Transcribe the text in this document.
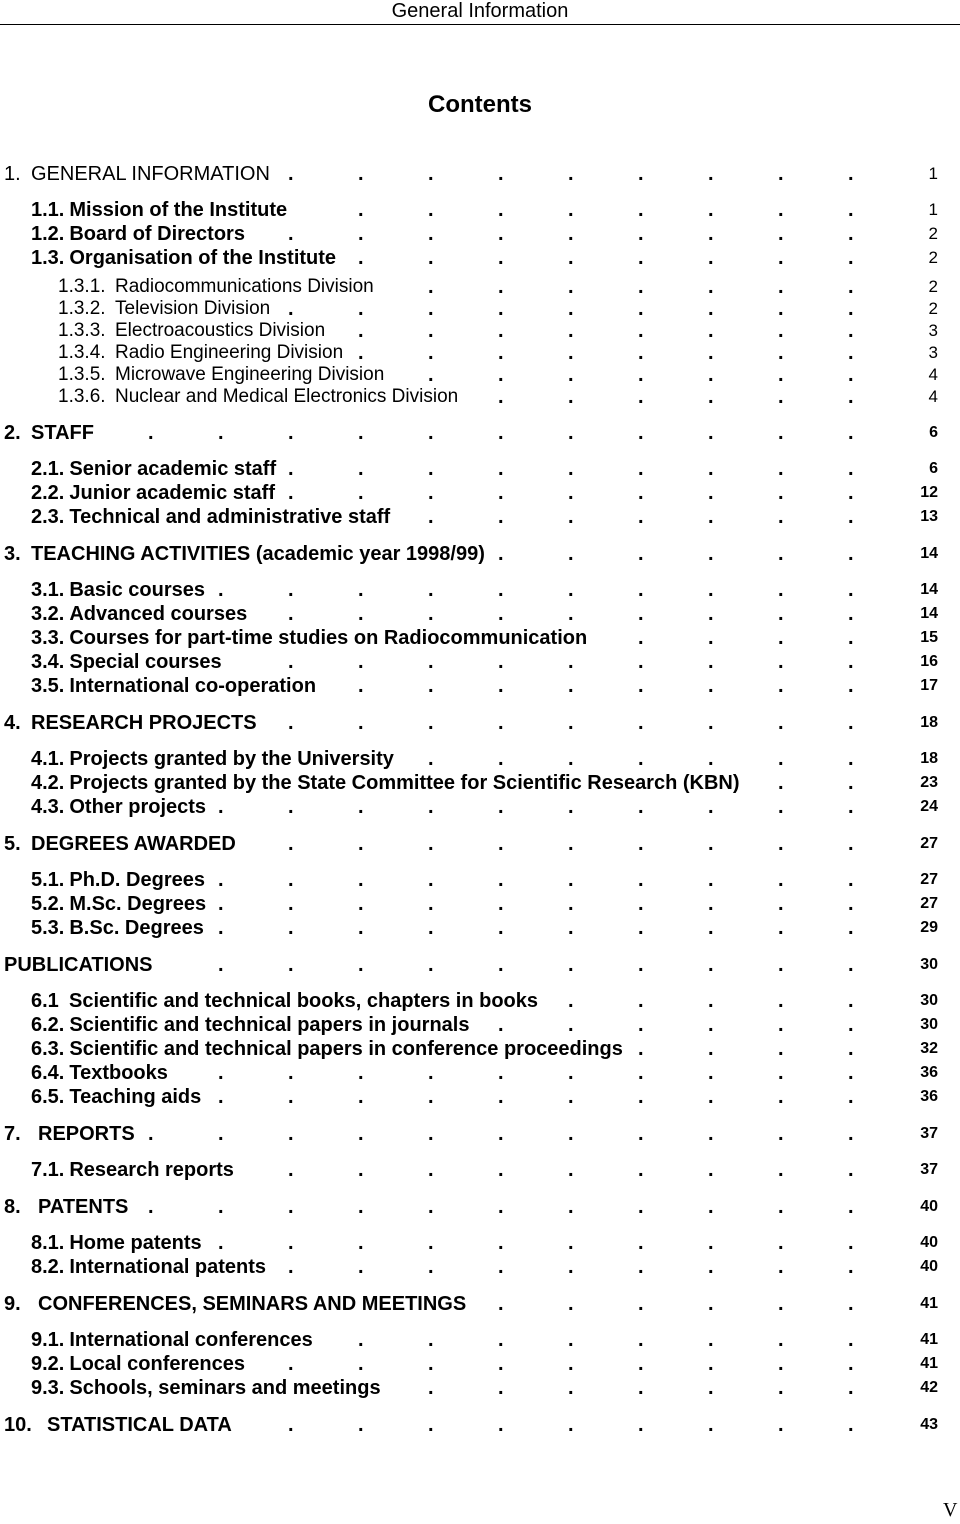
General Information
Contents
1. GENERAL INFORMATION	1
.	.	.	.	.	.	.	.	.
1.1. Mission of the Institute	1
.	.	.	.	.	.	.	.
1.2. Board of Directors	2
.	.	.	.	.	.	.	.	.
1.3. Organisation of the Institute	2
.	.	.	.	.	.	.	.
1.3.1. Radiocommunications Division	2
.	.	.	.	.	.	.
1.3.2. Television Division	2
.	.	.	.	.	.	.	.	.
1.3.3. Electroacoustics Division	3
.	.	.	.	.	.	.	.
1.3.4. Radio Engineering Division	3
.	.	.	.	.	.	.	.
1.3.5. Microwave Engineering Division	4
.	.	.	.	.	.	.
1.3.6. Nuclear and Medical Electronics Division	4
.	.	.	.	.	.
2. STAFF	6
.	.	.	.	.	.	.	.	.	.	.
2.1. Senior academic staff	6
.	.	.	.	.	.	.	.	.
2.2. Junior academic staff	12
.	.	.	.	.	.	.	.	.
2.3. Technical and administrative staff	13
.	.	.	.	.	.	.
3. TEACHING ACTIVITIES (academic year 1998/99)	14
.	.	.	.	.	.
3.1. Basic courses	14
.	.	.	.	.	.	.	.	.	.
3.2. Advanced courses	14
.	.	.	.	.	.	.	.	.
3.3. Courses for part-time studies on Radiocommunication	15
.	.	.	.
3.4. Special courses	16
.	.	.	.	.	.	.	.	.
3.5. International co-operation	17
.	.	.	.	.	.	.	.
4. RESEARCH PROJECTS	18
.	.	.	.	.	.	.	.	.
4.1. Projects granted by the University	18
.	.	.	.	.	.	.
4.2. Projects granted by the State Committee for Scientific Research (KBN)	23
.	.
4.3. Other projects	24
.	.	.	.	.	.	.	.	.	.
5. DEGREES AWARDED	27
.	.	.	.	.	.	.	.	.
5.1. Ph.D. Degrees	27
.	.	.	.	.	.	.	.	.	.
5.2. M.Sc. Degrees	27
.	.	.	.	.	.	.	.	.	.
5.3. B.Sc. Degrees	29
.	.	.	.	.	.	.	.	.	.
PUBLICATIONS	30
.	.	.	.	.	.	.	.	.	.
6.1 Scientific and technical books, chapters in books	30
.	.	.	.	.
6.2. Scientific and technical papers in journals	30
.	.	.	.	.	.
6.3. Scientific and technical papers in conference proceedings	32
.	.	.	.
6.4. Textbooks	36
.	.	.	.	.	.	.	.	.	.
6.5. Teaching aids	36
.	.	.	.	.	.	.	.	.	.
7. REPORTS	37
.	.	.	.	.	.	.	.	.	.	.
7.1. Research reports	37
.	.	.	.	.	.	.	.	.
8. PATENTS	40
.	.	.	.	.	.	.	.	.	.	.
8.1. Home patents	40
.	.	.	.	.	.	.	.	.	.
8.2. International patents	40
.	.	.	.	.	.	.	.	.
9. CONFERENCES, SEMINARS AND MEETINGS	41
.	.	.	.	.	.
9.1. International conferences	41
.	.	.	.	.	.	.	.
9.2. Local conferences	41
.	.	.	.	.	.	.	.	.
9.3. Schools, seminars and meetings	42
.	.	.	.	.	.	.
10. STATISTICAL DATA	43
.	.	.	.	.	.	.	.	.
V
